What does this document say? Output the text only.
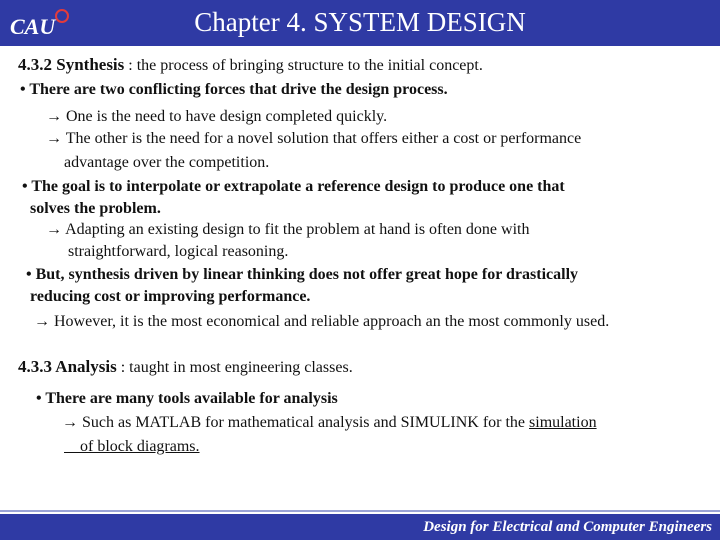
CAU	Chapter 4. SYSTEM DESIGN
4.3.2 Synthesis : the process of bringing structure to the initial concept.
• There are two conflicting forces that drive the design process.
→ One is the need to have design completed quickly.
→ The other is the need for a novel solution that offers either a cost or performance
advantage over the competition.
• The goal is to interpolate or extrapolate a reference design to produce one that
solves the problem.
→ Adapting an existing design to fit the problem at hand is often done with
straightforward, logical reasoning.
• But, synthesis driven by linear thinking does not offer great hope for drastically
reducing cost or improving performance.
→ However, it is the most economical and reliable approach an the most commonly used.
4.3.3 Analysis : taught in most engineering classes.
• There are many tools available for analysis
→ Such as MATLAB for mathematical analysis and SIMULINK for the simulation
 of block diagrams.
Design for Electrical and Computer Engineers
